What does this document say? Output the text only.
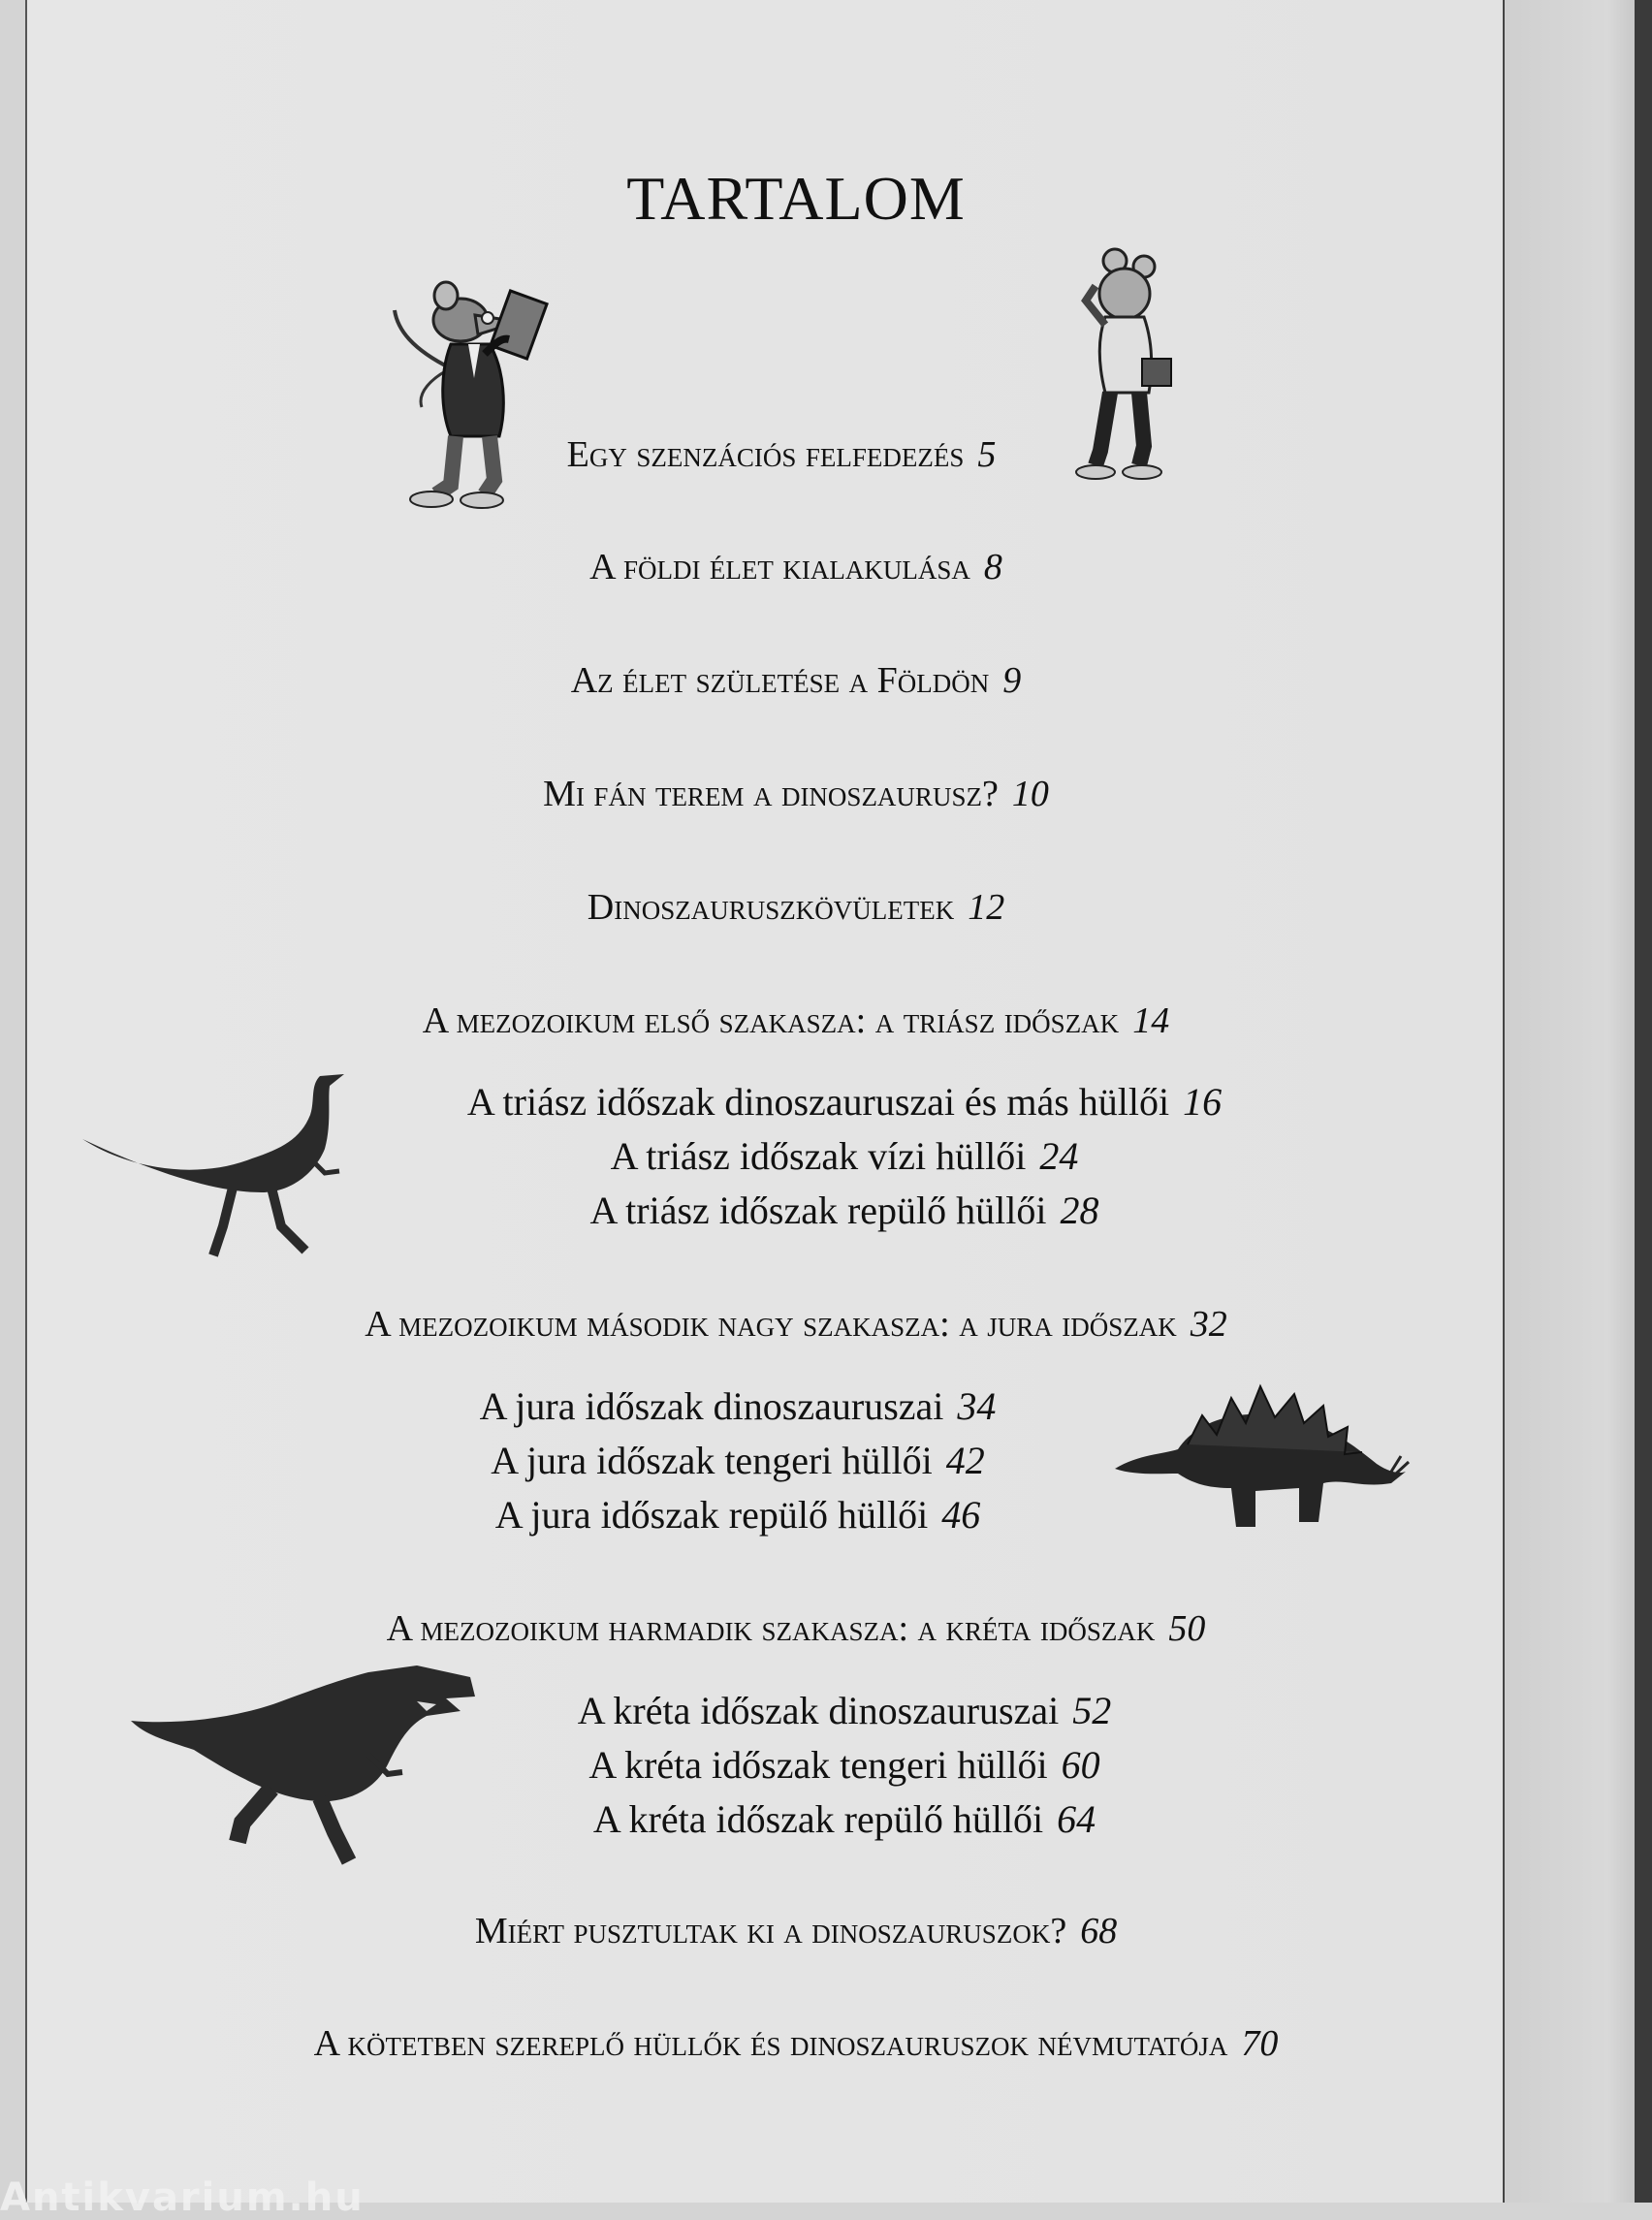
TARTALOM
Egy szenzációs felfedezés 5
A földi élet kialakulása 8
Az élet születése a Földön 9
Mi fán terem a dinoszaurusz? 10
Dinoszauruszkövületek 12
A mezozoikum első szakasza: a triász időszak 14
A triász időszak dinoszauruszai és más hüllői 16
A triász időszak vízi hüllői 24
A triász időszak repülő hüllői 28
A mezozoikum második nagy szakasza: a jura időszak 32
A jura időszak dinoszauruszai 34
A jura időszak tengeri hüllői 42
A jura időszak repülő hüllői 46
A mezozoikum harmadik szakasza: a kréta időszak 50
A kréta időszak dinoszauruszai 52
A kréta időszak tengeri hüllői 60
A kréta időszak repülő hüllői 64
Miért pusztultak ki a dinoszauruszok? 68
A kötetben szereplő hüllők és dinoszauruszok névmutatója 70
Antikvarium.hu
